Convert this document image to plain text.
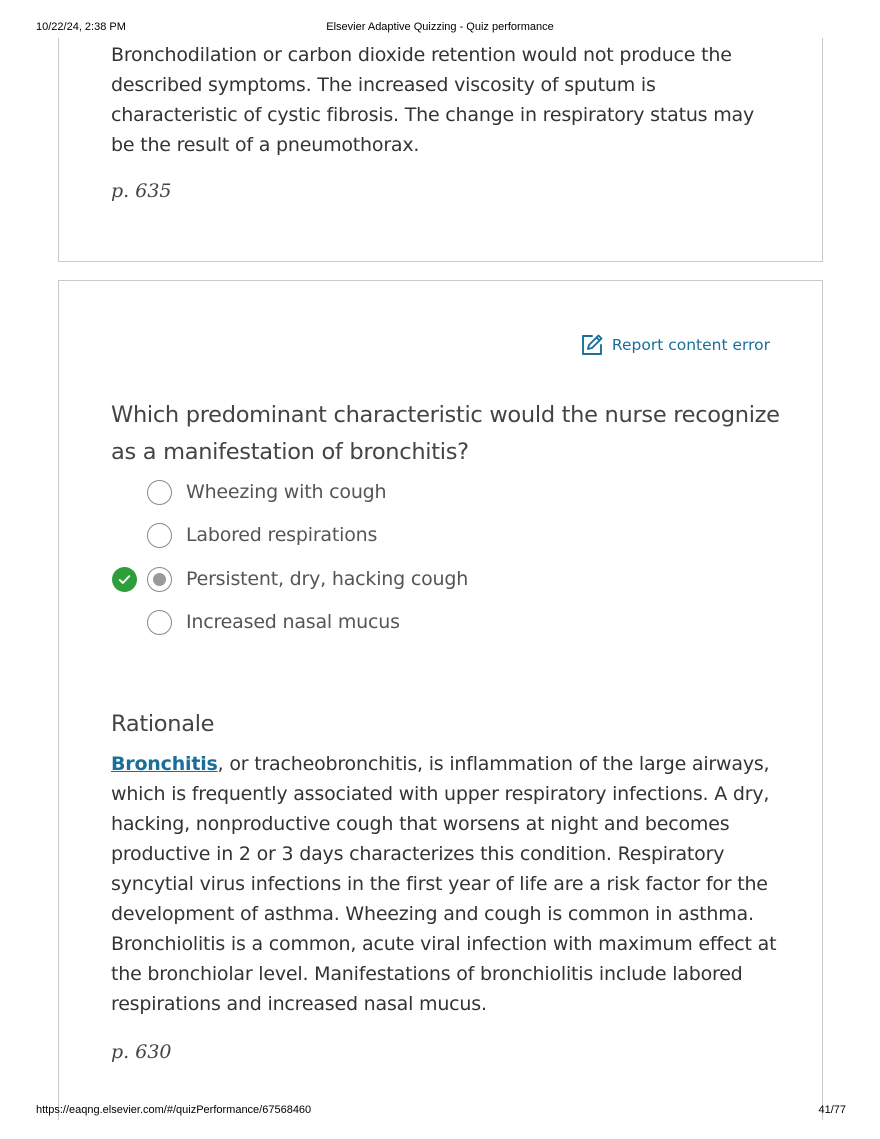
10/22/24, 2:38 PM	Elsevier Adaptive Quizzing - Quiz performance

Bronchodilation or carbon dioxide retention would not produce the described symptoms. The increased viscosity of sputum is characteristic of cystic fibrosis. The change in respiratory status may be the result of a pneumothorax.

p. 635
Report content error
Which predominant characteristic would the nurse recognize as a manifestation of bronchitis?
Wheezing with cough
Labored respirations
Persistent, dry, hacking cough
Increased nasal mucus
Rationale

Bronchitis, or tracheobronchitis, is inflammation of the large airways, which is frequently associated with upper respiratory infections. A dry, hacking, nonproductive cough that worsens at night and becomes productive in 2 or 3 days characterizes this condition. Respiratory syncytial virus infections in the first year of life are a risk factor for the development of asthma. Wheezing and cough is common in asthma. Bronchiolitis is a common, acute viral infection with maximum effect at the bronchiolar level. Manifestations of bronchiolitis include labored respirations and increased nasal mucus.

p. 630
https://eaqng.elsevier.com/#/quizPerformance/67568460	41/77
